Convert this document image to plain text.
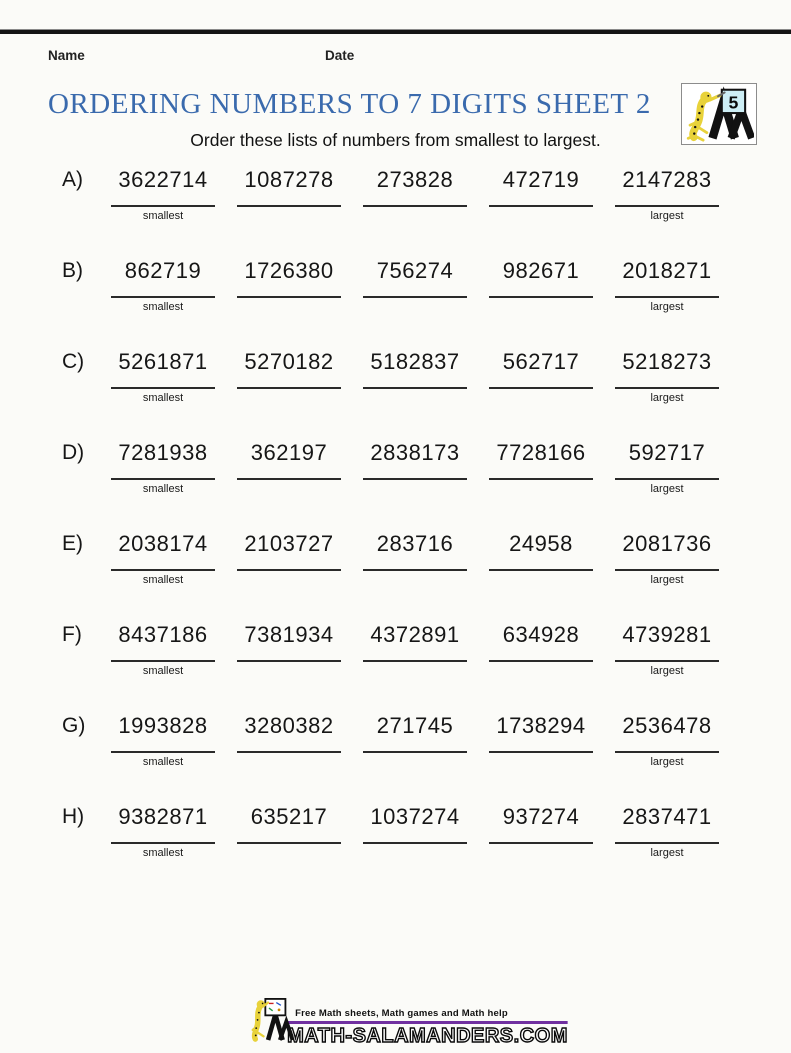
Name	Date
5
ORDERING NUMBERS TO 7 DIGITS SHEET 2
Order these lists of numbers from smallest to largest.
A)	3622714
smallest
1087278	273828	472719	2147283
largest
B)	862719
smallest
1726380	756274	982671	2018271
largest
C)	5261871
smallest
5270182	5182837	562717	5218273
largest
D)	7281938
smallest
362197	2838173	7728166	592717
largest
E)	2038174
smallest
2103727	283716	24958	2081736
largest
F)	8437186
smallest
7381934	4372891	634928	4739281
largest
G)	1993828
smallest
3280382	271745	1738294	2536478
largest
H)	9382871
smallest
635217	1037274	937274	2837471
largest
Free Math sheets, Math games and Math help
MATH-SALAMANDERS.COM
